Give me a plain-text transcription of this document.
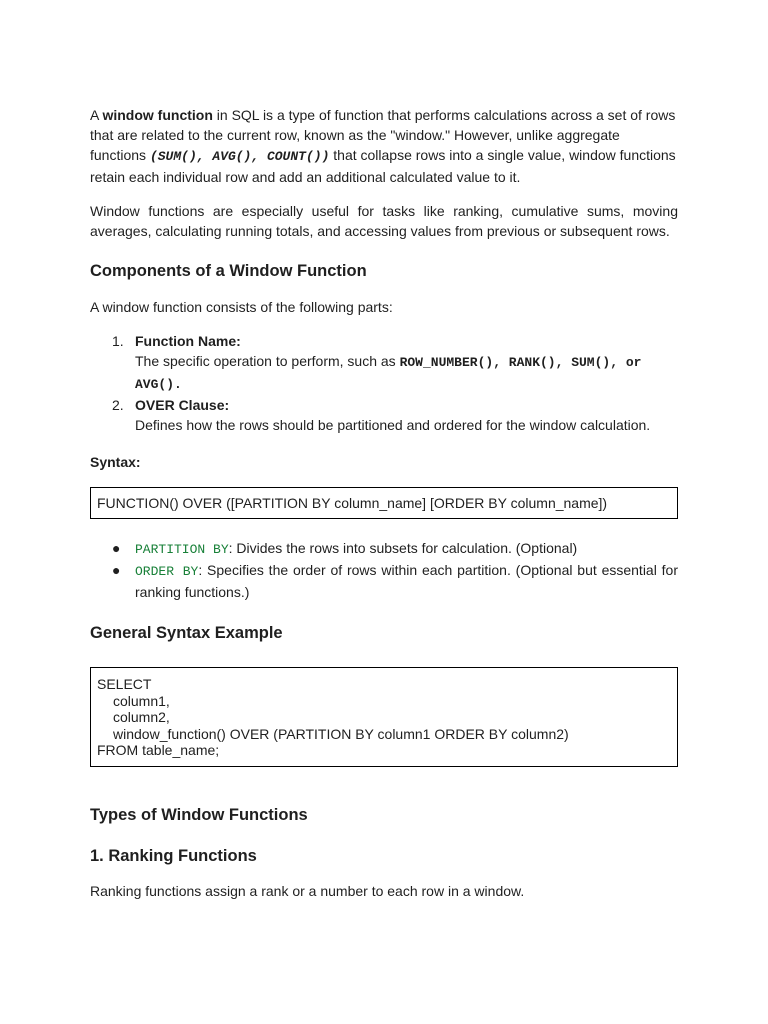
A window function in SQL is a type of function that performs calculations across a set of rows that are related to the current row, known as the "window." However, unlike aggregate functions (SUM(), AVG(), COUNT()) that collapse rows into a single value, window functions retain each individual row and add an additional calculated value to it.

Window functions are especially useful for tasks like ranking, cumulative sums, moving averages, calculating running totals, and accessing values from previous or subsequent rows.

Components of a Window Function

A window function consists of the following parts:

1. Function Name:
The specific operation to perform, such as ROW_NUMBER(), RANK(), SUM(), or AVG().
2. OVER Clause:
Defines how the rows should be partitioned and ordered for the window calculation.

Syntax:

FUNCTION() OVER ([PARTITION BY column_name] [ORDER BY column_name])
● PARTITION BY: Divides the rows into subsets for calculation. (Optional)
● ORDER BY: Specifies the order of rows within each partition. (Optional but essential for ranking functions.)
General Syntax Example
SELECT
column1,
column2,
window_function() OVER (PARTITION BY column1 ORDER BY column2)
FROM table_name;
Types of Window Functions
1. Ranking Functions

Ranking functions assign a rank or a number to each row in a window.
